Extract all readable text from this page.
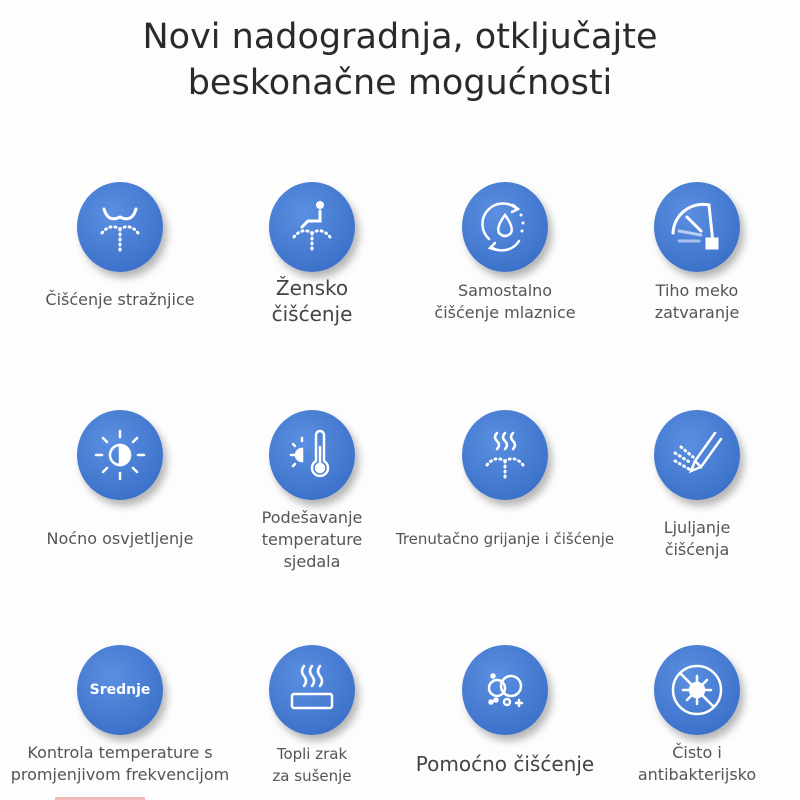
Novi nadogradnja, otključajte
beskonačne mogućnosti
Čišćenje stražnjice	Žensko
čišćenje
Samostalno
čišćenje mlaznice
Tiho meko
zatvaranje
Noćno osvjetljenje
Podešavanje
temperature
sjedala
Trenutačno grijanje i čišćenje
Ljuljanje
čišćenja
Srednje
Kontrola temperature s
promjenjivom frekvencijom
Topli zrak
za sušenje	Pomoćno čišćenje	Čisto i
antibakterijsko
